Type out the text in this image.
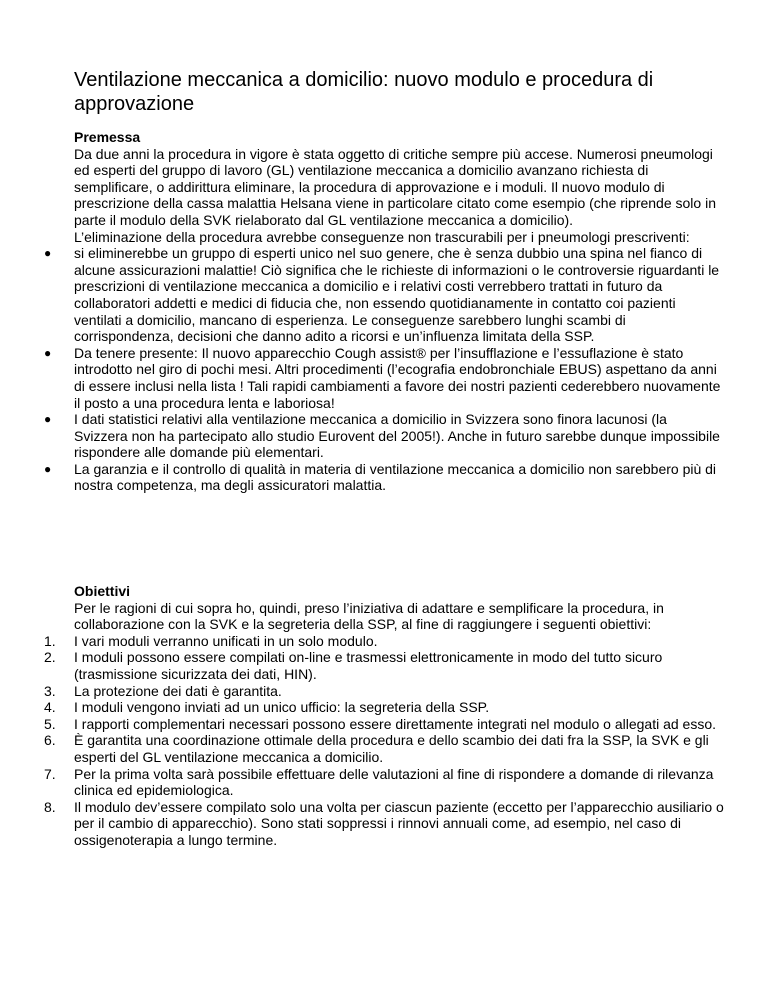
Ventilazione meccanica a domicilio: nuovo modulo e procedura di approvazione
Premessa

Da due anni la procedura in vigore è stata oggetto di critiche sempre più accese. Numerosi pneumologi ed esperti del gruppo di lavoro (GL) ventilazione meccanica a domicilio avanzano richiesta di semplificare, o addirittura eliminare, la procedura di approvazione e i moduli. Il nuovo modulo di prescrizione della cassa malattia Helsana viene in particolare citato come esempio (che riprende solo in parte il modulo della SVK rielaborato dal GL ventilazione meccanica a domicilio).

L’eliminazione della procedura avrebbe conseguenze non trascurabili per i pneumologi prescriventi:

● si eliminerebbe un gruppo di esperti unico nel suo genere, che è senza dubbio una spina nel fianco di alcune assicurazioni malattie! Ciò significa che le richieste di informazioni o le controversie riguardanti le prescrizioni di ventilazione meccanica a domicilio e i relativi costi verrebbero trattati in futuro da collaboratori addetti e medici di fiducia che, non essendo quotidianamente in contatto coi pazienti ventilati a domicilio, mancano di esperienza. Le conseguenze sarebbero lunghi scambi di corrispondenza, decisioni che danno adito a ricorsi e un’influenza limitata della SSP.
● Da tenere presente: Il nuovo apparecchio Cough assist® per l’insufflazione e l’essuflazione è stato introdotto nel giro di pochi mesi. Altri procedimenti (l’ecografia endobronchiale EBUS) aspettano da anni di essere inclusi nella lista ! Tali rapidi cambiamenti a favore dei nostri pazienti cederebbero nuovamente il posto a una procedura lenta e laboriosa!
● I dati statistici relativi alla ventilazione meccanica a domicilio in Svizzera sono finora lacunosi (la Svizzera non ha partecipato allo studio Eurovent del 2005!). Anche in futuro sarebbe dunque impossibile rispondere alle domande più elementari.
● La garanzia e il controllo di qualità in materia di ventilazione meccanica a domicilio non sarebbero più di nostra competenza, ma degli assicuratori malattia.
Obiettivi

Per le ragioni di cui sopra ho, quindi, preso l’iniziativa di adattare e semplificare la procedura, in collaborazione con la SVK e la segreteria della SSP, al fine di raggiungere i seguenti obiettivi:

1.	I vari moduli verranno unificati in un solo modulo.
2.	I moduli possono essere compilati on-line e trasmessi elettronicamente in modo del tutto sicuro (trasmissione sicurizzata dei dati, HIN).
3.	La protezione dei dati è garantita.
4.	I moduli vengono inviati ad un unico ufficio: la segreteria della SSP.
5.	I rapporti complementari necessari possono essere direttamente integrati nel modulo o allegati ad esso.
6.	È garantita una coordinazione ottimale della procedura e dello scambio dei dati fra la SSP, la SVK e gli esperti del GL ventilazione meccanica a domicilio.
7.	Per la prima volta sarà possibile effettuare delle valutazioni al fine di rispondere a domande di rilevanza clinica ed epidemiologica.
8.	Il modulo dev’essere compilato solo una volta per ciascun paziente (eccetto per l’apparecchio ausiliario o per il cambio di apparecchio). Sono stati soppressi i rinnovi annuali come, ad esempio, nel caso di ossigenoterapia a lungo termine.
